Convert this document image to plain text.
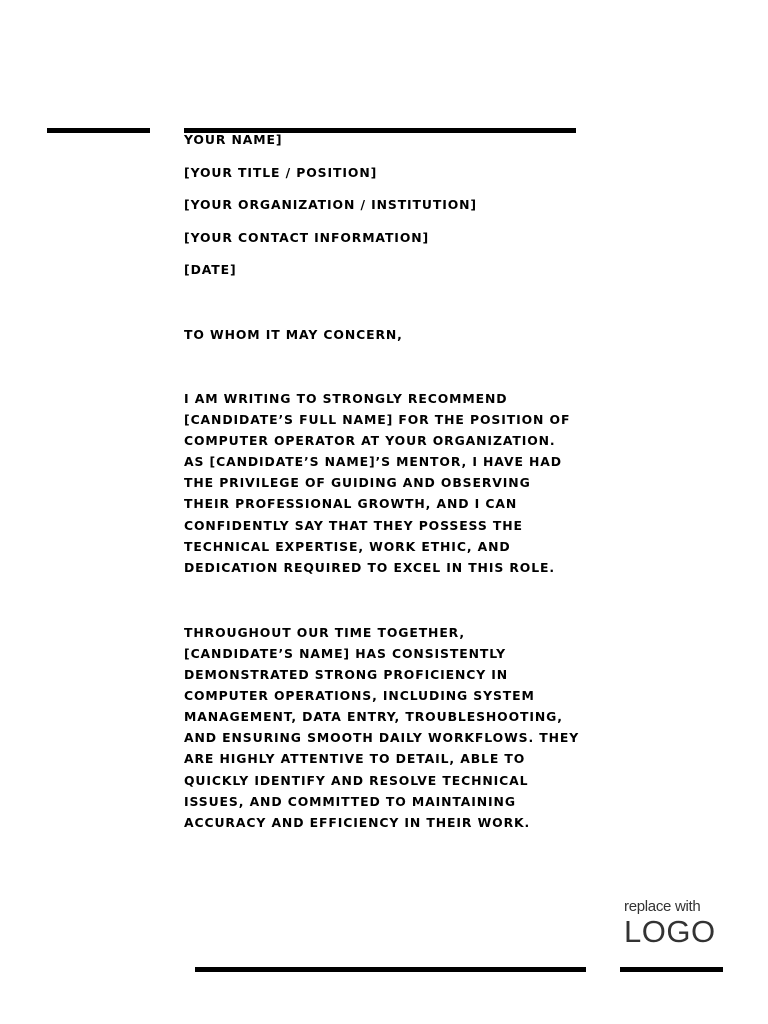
YOUR NAME]
[YOUR TITLE / POSITION]
[YOUR ORGANIZATION / INSTITUTION]
[YOUR CONTACT INFORMATION]
[DATE]
TO WHOM IT MAY CONCERN,
I AM WRITING TO STRONGLY RECOMMEND [CANDIDATE’S FULL NAME] FOR THE POSITION OF COMPUTER OPERATOR AT YOUR ORGANIZATION. AS [CANDIDATE’S NAME]’S MENTOR, I HAVE HAD THE PRIVILEGE OF GUIDING AND OBSERVING THEIR PROFESSIONAL GROWTH, AND I CAN CONFIDENTLY SAY THAT THEY POSSESS THE TECHNICAL EXPERTISE, WORK ETHIC, AND DEDICATION REQUIRED TO EXCEL IN THIS ROLE.
THROUGHOUT OUR TIME TOGETHER, [CANDIDATE’S NAME] HAS CONSISTENTLY DEMONSTRATED STRONG PROFICIENCY IN COMPUTER OPERATIONS, INCLUDING SYSTEM MANAGEMENT, DATA ENTRY, TROUBLESHOOTING, AND ENSURING SMOOTH DAILY WORKFLOWS. THEY ARE HIGHLY ATTENTIVE TO DETAIL, ABLE TO QUICKLY IDENTIFY AND RESOLVE TECHNICAL ISSUES, AND COMMITTED TO MAINTAINING ACCURACY AND EFFICIENCY IN THEIR WORK.
replace with
LOGO
